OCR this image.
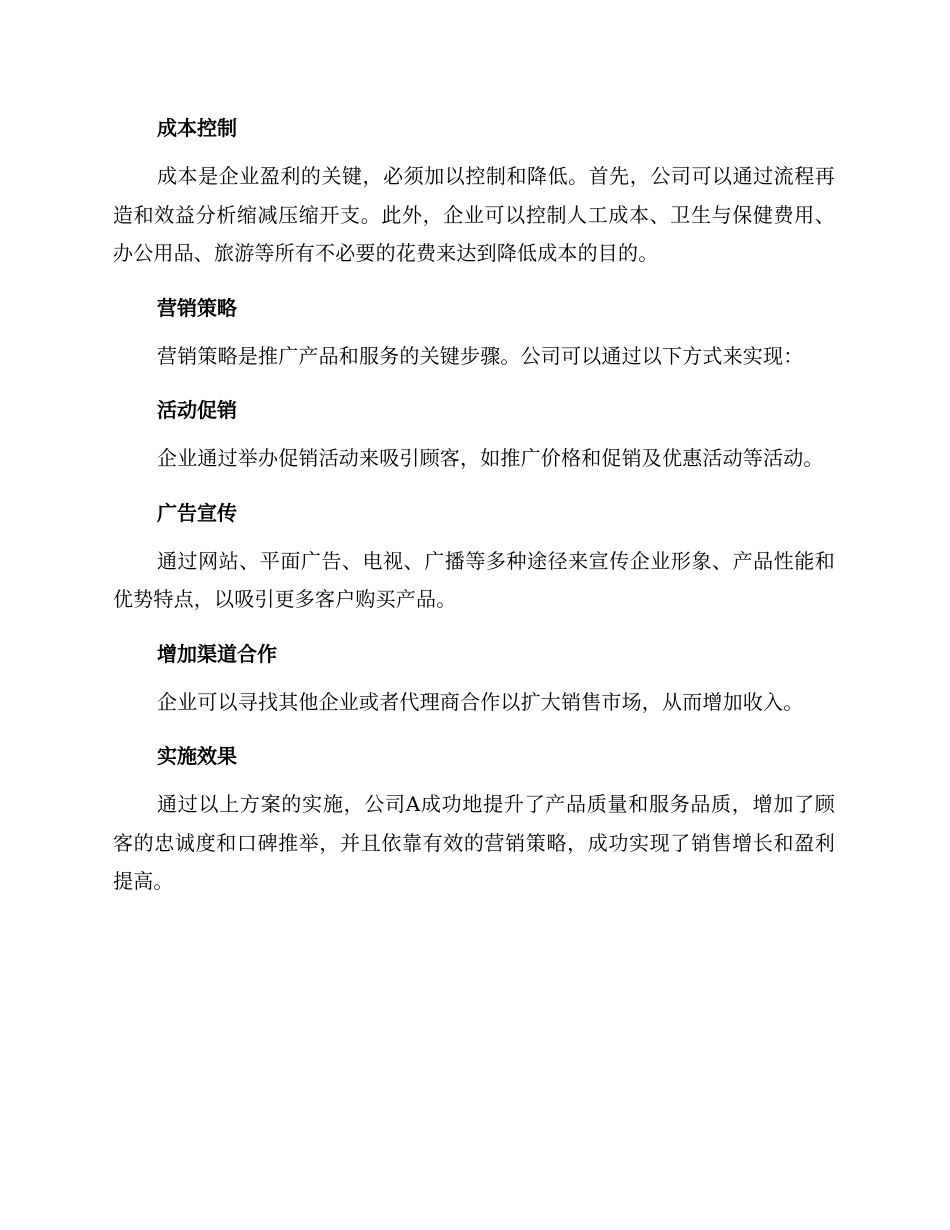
成本控制

成本是企业盈利的关键，必须加以控制和降低。首先，公司可以通过流程再造和效益分析缩减压缩开支。此外，企业可以控制人工成本、卫生与保健费用、办公用品、旅游等所有不必要的花费来达到降低成本的目的。

营销策略

营销策略是推广产品和服务的关键步骤。公司可以通过以下方式来实现：

活动促销

企业通过举办促销活动来吸引顾客，如推广价格和促销及优惠活动等活动。

广告宣传

通过网站、平面广告、电视、广播等多种途径来宣传企业形象、产品性能和优势特点，以吸引更多客户购买产品。

增加渠道合作

企业可以寻找其他企业或者代理商合作以扩大销售市场，从而增加收入。

实施效果

通过以上方案的实施，公司A成功地提升了产品质量和服务品质，增加了顾客的忠诚度和口碑推举，并且依靠有效的营销策略，成功实现了销售增长和盈利提高。
